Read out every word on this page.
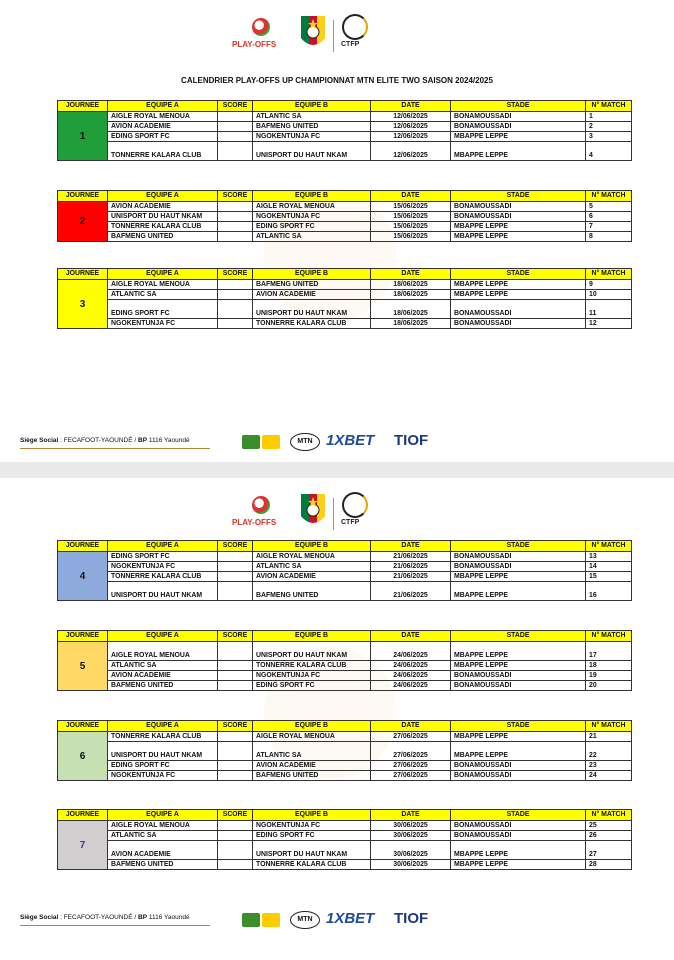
PLAY-OFFS	CTFP
CALENDRIER PLAY-OFFS UP CHAMPIONNAT MTN ELITE TWO SAISON 2024/2025
JOURNEE	EQUIPE A	SCORE	EQUIPE B	DATE	STADE	N° MATCH
1	AIGLE ROYAL MENOUA		ATLANTIC SA	12/06/2025	BONAMOUSSADI	1
	AVION ACADEMIE		BAFMENG UNITED	12/06/2025	BONAMOUSSADI	2
	EDING SPORT FC		NGOKENTUNJA FC	12/06/2025	MBAPPE LEPPE	3
	TONNERRE KALARA CLUB		UNISPORT DU HAUT NKAM	12/06/2025	MBAPPE LEPPE	4
JOURNEE	EQUIPE A	SCORE	EQUIPE B	DATE	STADE	N° MATCH
2	AVION ACADEMIE		AIGLE ROYAL MENOUA	15/06/2025	BONAMOUSSADI	5
	UNISPORT DU HAUT NKAM		NGOKENTUNJA FC	15/06/2025	BONAMOUSSADI	6
	TONNERRE KALARA CLUB		EDING SPORT FC	15/06/2025	MBAPPE LEPPE	7
	BAFMENG UNITED		ATLANTIC SA	15/06/2025	MBAPPE LEPPE	8
JOURNEE	EQUIPE A	SCORE	EQUIPE B	DATE	STADE	N° MATCH
3	AIGLE ROYAL MENOUA		BAFMENG UNITED	18/06/2025	MBAPPE LEPPE	9
	ATLANTIC SA		AVION ACADEMIE	18/06/2025	MBAPPE LEPPE	10
	EDING SPORT FC		UNISPORT DU HAUT NKAM	18/06/2025	BONAMOUSSADI	11
	NGOKENTUNJA FC		TONNERRE KALARA CLUB	18/06/2025	BONAMOUSSADI	12
Siège Social : FECAFOOT-YAOUNDÉ / BP 1116 Yaoundé	MTN 1XBET TIOF
PLAY-OFFS	CTFP
JOURNEE	EQUIPE A	SCORE	EQUIPE B	DATE	STADE	N° MATCH
4	EDING SPORT FC		AIGLE ROYAL MENOUA	21/06/2025	BONAMOUSSADI	13
	NGOKENTUNJA FC		ATLANTIC SA	21/06/2025	BONAMOUSSADI	14
	TONNERRE KALARA CLUB		AVION ACADEMIE	21/06/2025	MBAPPE LEPPE	15
	UNISPORT DU HAUT NKAM		BAFMENG UNITED	21/06/2025	MBAPPE LEPPE	16
JOURNEE	EQUIPE A	SCORE	EQUIPE B	DATE	STADE	N° MATCH
5	AIGLE ROYAL MENOUA		UNISPORT DU HAUT NKAM	24/06/2025	MBAPPE LEPPE	17
	ATLANTIC SA		TONNERRE KALARA CLUB	24/06/2025	MBAPPE LEPPE	18
	AVION ACADEMIE		NGOKENTUNJA FC	24/06/2025	BONAMOUSSADI	19
	BAFMENG UNITED		EDING SPORT FC	24/06/2025	BONAMOUSSADI	20
JOURNEE	EQUIPE A	SCORE	EQUIPE B	DATE	STADE	N° MATCH
6	TONNERRE KALARA CLUB		AIGLE ROYAL MENOUA	27/06/2025	MBAPPE LEPPE	21
	UNISPORT DU HAUT NKAM		ATLANTIC SA	27/06/2025	MBAPPE LEPPE	22
	EDING SPORT FC		AVION ACADEMIE	27/06/2025	BONAMOUSSADI	23
	NGOKENTUNJA FC		BAFMENG UNITED	27/06/2025	BONAMOUSSADI	24
JOURNEE	EQUIPE A	SCORE	EQUIPE B	DATE	STADE	N° MATCH
7	AIGLE ROYAL MENOUA		NGOKENTUNJA FC	30/06/2025	BONAMOUSSADI	25
	ATLANTIC SA		EDING SPORT FC	30/06/2025	BONAMOUSSADI	26
	AVION ACADEMIE		UNISPORT DU HAUT NKAM	30/06/2025	MBAPPE LEPPE	27
	BAFMENG UNITED		TONNERRE KALARA CLUB	30/06/2025	MBAPPE LEPPE	28
Siège Social : FECAFOOT-YAOUNDÉ / BP 1116 Yaoundé	MTN 1XBET TIOF
